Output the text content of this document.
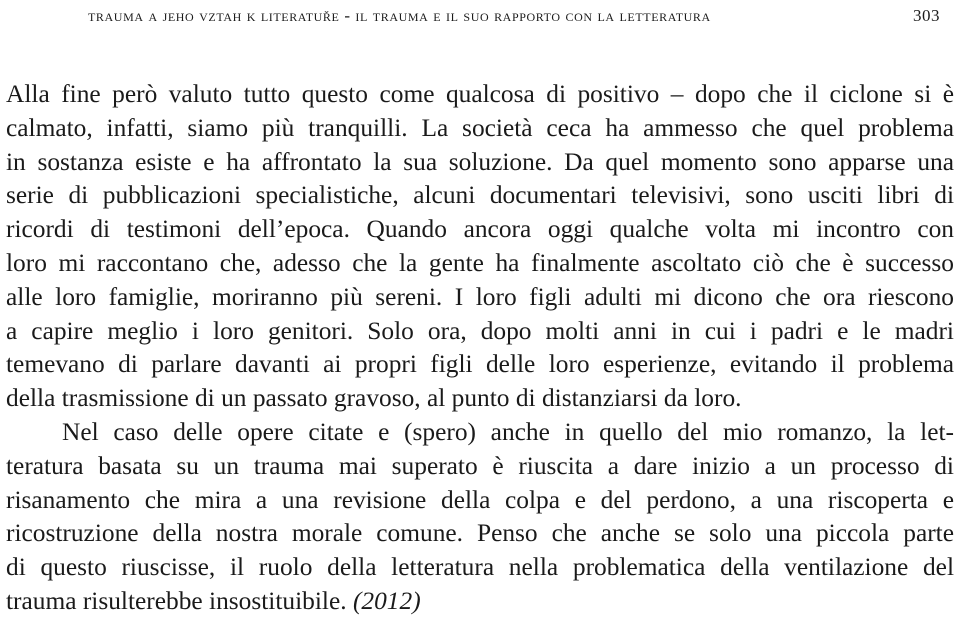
trauma a jeho vztah k literatuře - il trauma e il suo rapporto con la letteratura	303
Alla fine però valuto tutto questo come qualcosa di positivo – dopo che il ciclone si è
calmato, infatti, siamo più tranquilli. La società ceca ha ammesso che quel problema
in sostanza esiste e ha affrontato la sua soluzione. Da quel momento sono apparse una
serie di pubblicazioni specialistiche, alcuni documentari televisivi, sono usciti libri di
ricordi di testimoni dell’epoca. Quando ancora oggi qualche volta mi incontro con
loro mi raccontano che, adesso che la gente ha finalmente ascoltato ciò che è successo
alle loro famiglie, moriranno più sereni. I loro figli adulti mi dicono che ora riescono
a capire meglio i loro genitori. Solo ora, dopo molti anni in cui i padri e le madri
temevano di parlare davanti ai propri figli delle loro esperienze, evitando il problema
della trasmissione di un passato gravoso, al punto di distanziarsi da loro.
Nel caso delle opere citate e (spero) anche in quello del mio romanzo, la let-
teratura basata su un trauma mai superato è riuscita a dare inizio a un processo di
risanamento che mira a una revisione della colpa e del perdono, a una riscoperta e
ricostruzione della nostra morale comune. Penso che anche se solo una piccola parte
di questo riuscisse, il ruolo della letteratura nella problematica della ventilazione del
trauma risulterebbe insostituibile. (2012)
